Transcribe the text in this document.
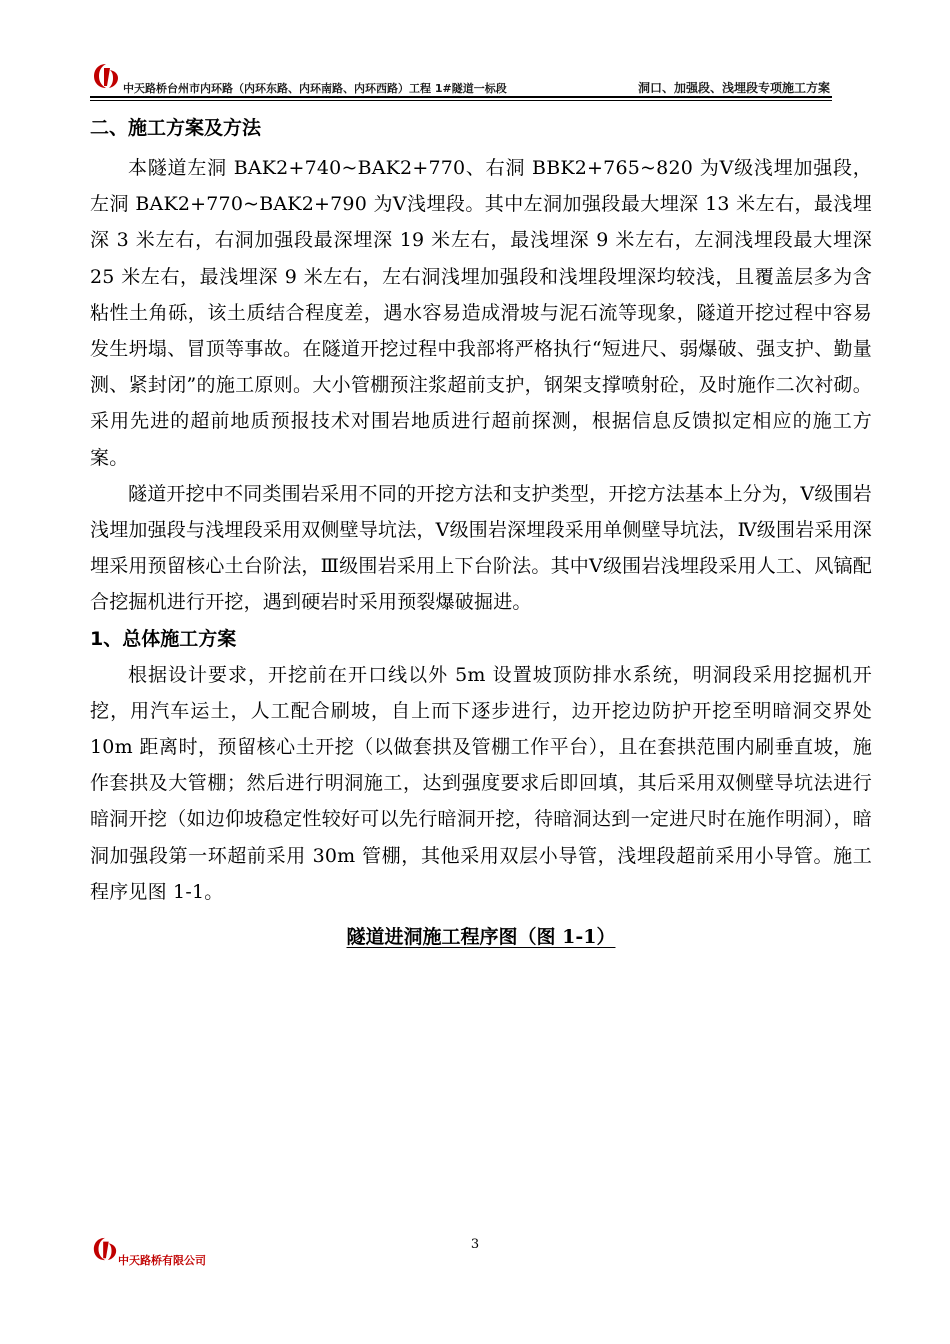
中天路桥台州市内环路（内环东路、内环南路、内环西路）工程 1#隧道一标段	洞口、加强段、浅埋段专项施工方案

二、施工方案及方法

本隧道左洞 BAK2+740~BAK2+770、右洞 BBK2+765~820 为Ⅴ级浅埋加强段，左洞 BAK2+770~BAK2+790 为Ⅴ浅埋段。其中左洞加强段最大埋深 13 米左右，最浅埋深 3 米左右，右洞加强段最深埋深 19 米左右，最浅埋深 9 米左右，左洞浅埋段最大埋深 25 米左右，最浅埋深 9 米左右，左右洞浅埋加强段和浅埋段埋深均较浅，且覆盖层多为含粘性土角砾，该土质结合程度差，遇水容易造成滑坡与泥石流等现象，隧道开挖过程中容易发生坍塌、冒顶等事故。在隧道开挖过程中我部将严格执行“短进尺、弱爆破、强支护、勤量测、紧封闭”的施工原则。大小管棚预注浆超前支护，钢架支撑喷射砼，及时施作二次衬砌。采用先进的超前地质预报技术对围岩地质进行超前探测，根据信息反馈拟定相应的施工方案。

隧道开挖中不同类围岩采用不同的开挖方法和支护类型，开挖方法基本上分为，Ⅴ级围岩浅埋加强段与浅埋段采用双侧壁导坑法，Ⅴ级围岩深埋段采用单侧壁导坑法，Ⅳ级围岩采用深埋采用预留核心土台阶法，Ⅲ级围岩采用上下台阶法。其中Ⅴ级围岩浅埋段采用人工、风镐配合挖掘机进行开挖，遇到硬岩时采用预裂爆破掘进。

1、总体施工方案

根据设计要求，开挖前在开口线以外 5m 设置坡顶防排水系统，明洞段采用挖掘机开挖，用汽车运土，人工配合刷坡，自上而下逐步进行，边开挖边防护开挖至明暗洞交界处 10m 距离时，预留核心土开挖（以做套拱及管棚工作平台），且在套拱范围内刷垂直坡，施作套拱及大管棚；然后进行明洞施工，达到强度要求后即回填，其后采用双侧壁导坑法进行暗洞开挖（如边仰坡稳定性较好可以先行暗洞开挖，待暗洞达到一定进尺时在施作明洞），暗洞加强段第一环超前采用 30m 管棚，其他采用双层小导管，浅埋段超前采用小导管。施工程序见图 1-1。

隧道进洞施工程序图（图 1-1）
3
中天路桥有限公司
